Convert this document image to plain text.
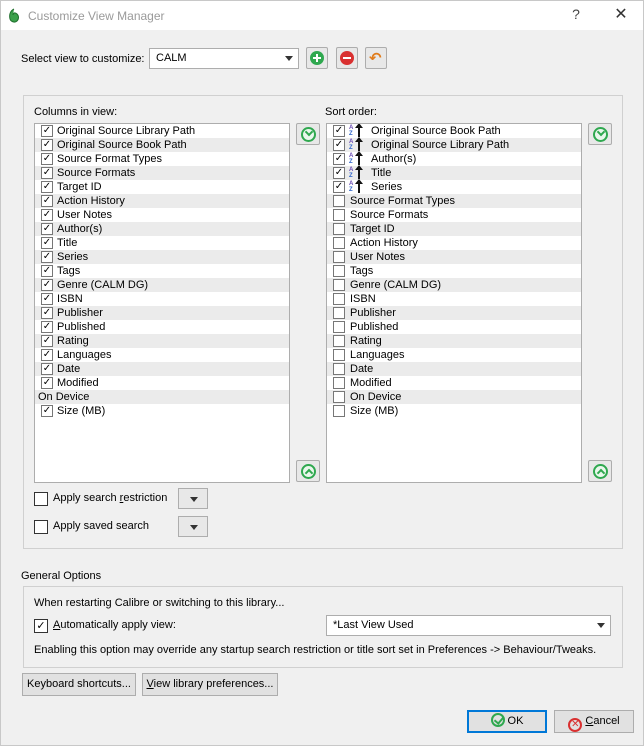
Customize View Manager	? ✕
Select view to customize:	CALM	↶
Columns in view:
✓ Original Source Library Path
✓ Original Source Book Path
✓ Source Format Types
✓ Source Formats
✓ Target ID
✓ Action History
✓ User Notes
✓ Author(s)
✓ Title
✓ Series
✓ Tags
✓ Genre (CALM DG)
✓ ISBN
✓ Publisher
✓ Published
✓ Rating
✓ Languages
✓ Date
✓ Modified
On Device
✓ Size (MB)
Sort order:
✓ A
Z Original Source Book Path
✓ A
Z Original Source Library Path
✓ A
Z Author(s)
✓ A
Z Title
✓ A
Z Series
Source Format Types
Source Formats
Target ID
Action History
User Notes
Tags
Genre (CALM DG)
ISBN
Publisher
Published
Rating
Languages
Date
Modified
On Device
Size (MB)
Apply search restriction
Apply saved search
General Options
When restarting Calibre or switching to this library...
✓ Automatically apply view:	*Last View Used
Enabling this option may override any startup search restriction or title sort set in Preferences -> Behaviour/Tweaks.
Keyboard shortcuts...	View library preferences...
OK	✕ Cancel
